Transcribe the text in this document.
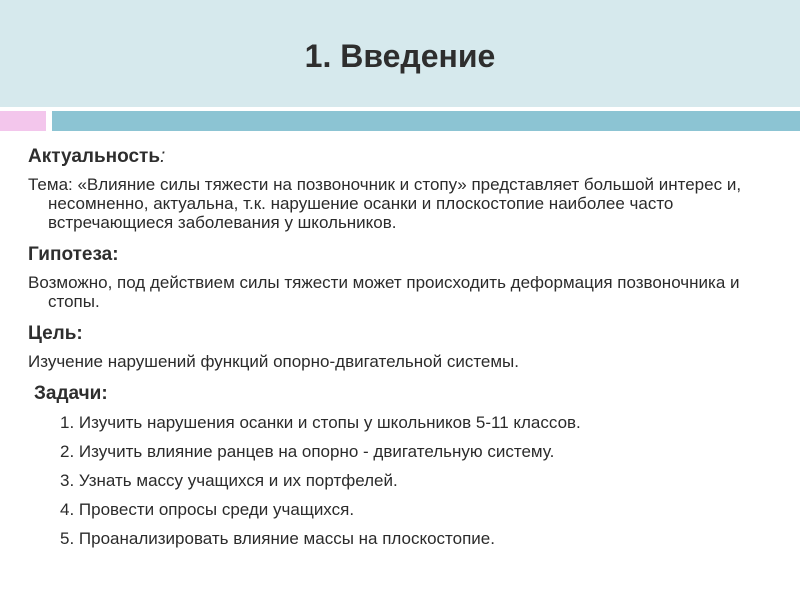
1. Введение
Актуальность:
Тема: «Влияние силы тяжести на позвоночник и стопу» представляет большой интерес и, несомненно, актуальна, т.к. нарушение осанки и плоскостопие наиболее часто встречающиеся заболевания у школьников.
Гипотеза:
Возможно, под действием силы тяжести может происходить деформация позвоночника и стопы.
Цель:
Изучение нарушений функций опорно-двигательной системы.
Задачи:
1. Изучить нарушения осанки и стопы у школьников 5-11 классов.
2. Изучить влияние ранцев на опорно - двигательную систему.
3. Узнать массу учащихся и их портфелей.
4. Провести опросы среди учащихся.
5. Проанализировать влияние массы на плоскостопие.
